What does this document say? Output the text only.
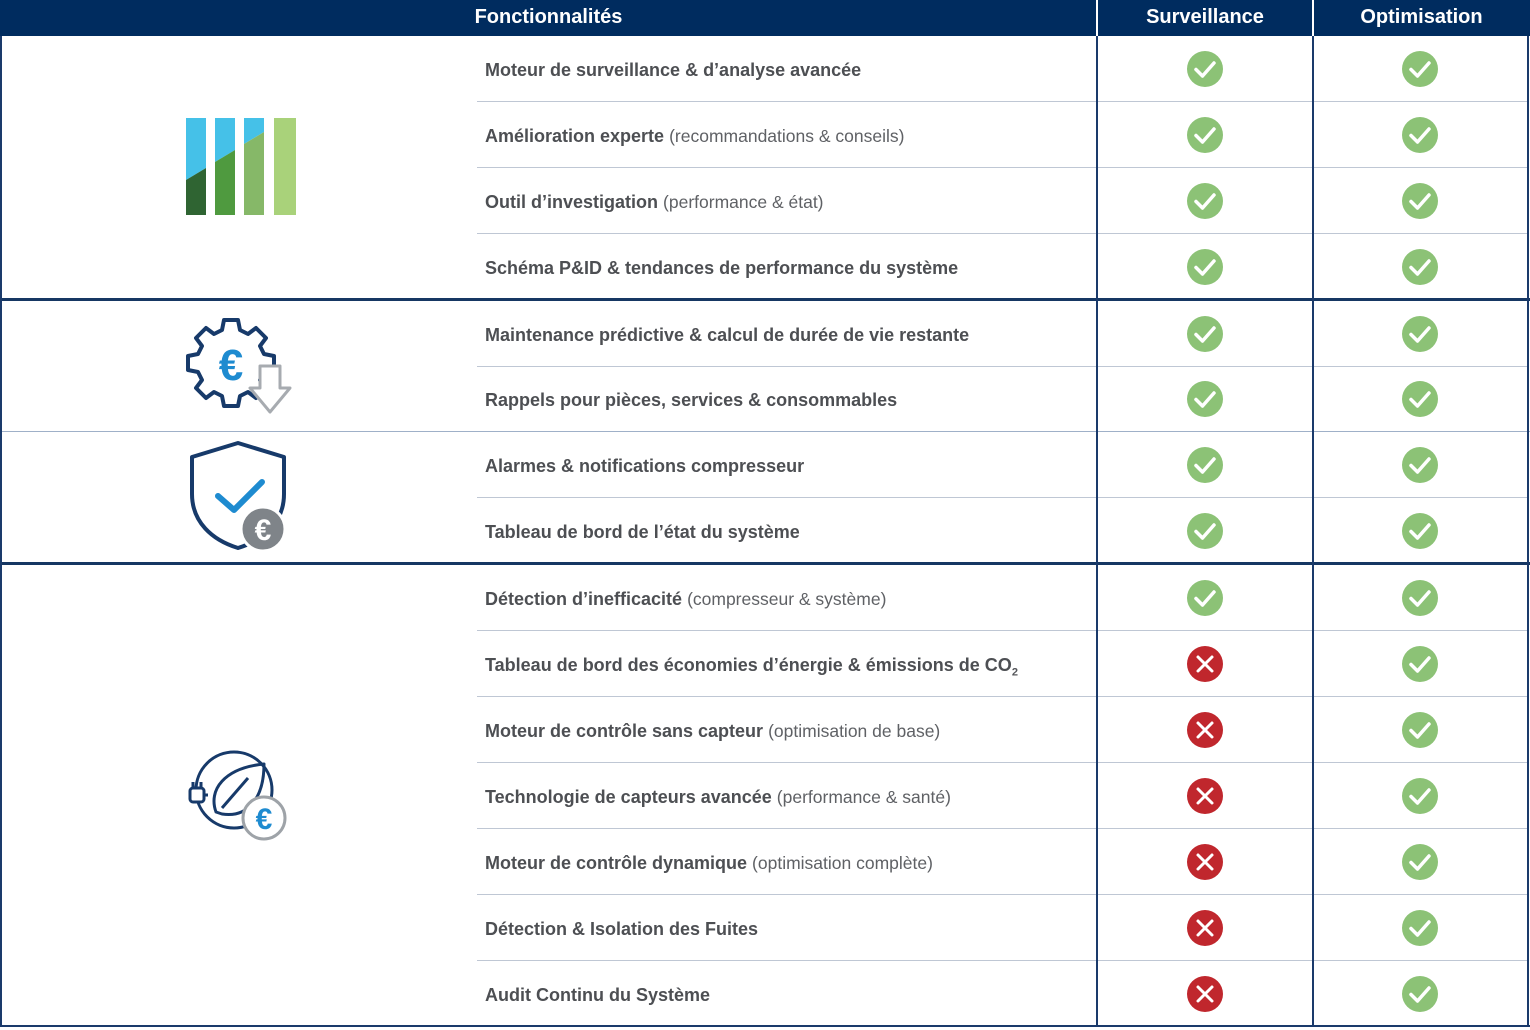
Fonctionnalités	Surveillance	Optimisation
Moteur de surveillance & d’analyse avancée
Amélioration experte (recommandations & conseils)
Outil d’investigation (performance & état)
Schéma P&ID & tendances de performance du système
Maintenance prédictive & calcul de durée de vie restante
Rappels pour pièces, services & consommables
Alarmes & notifications compresseur
Tableau de bord de l’état du système
Détection d’inefficacité (compresseur & système)
Tableau de bord des économies d’énergie & émissions de $CO_2$
Moteur de contrôle sans capteur (optimisation de base)
Technologie de capteurs avancée (performance & santé)
Moteur de contrôle dynamique (optimisation complète)
Détection & Isolation des Fuites
Audit Continu du Système
€
€
€
